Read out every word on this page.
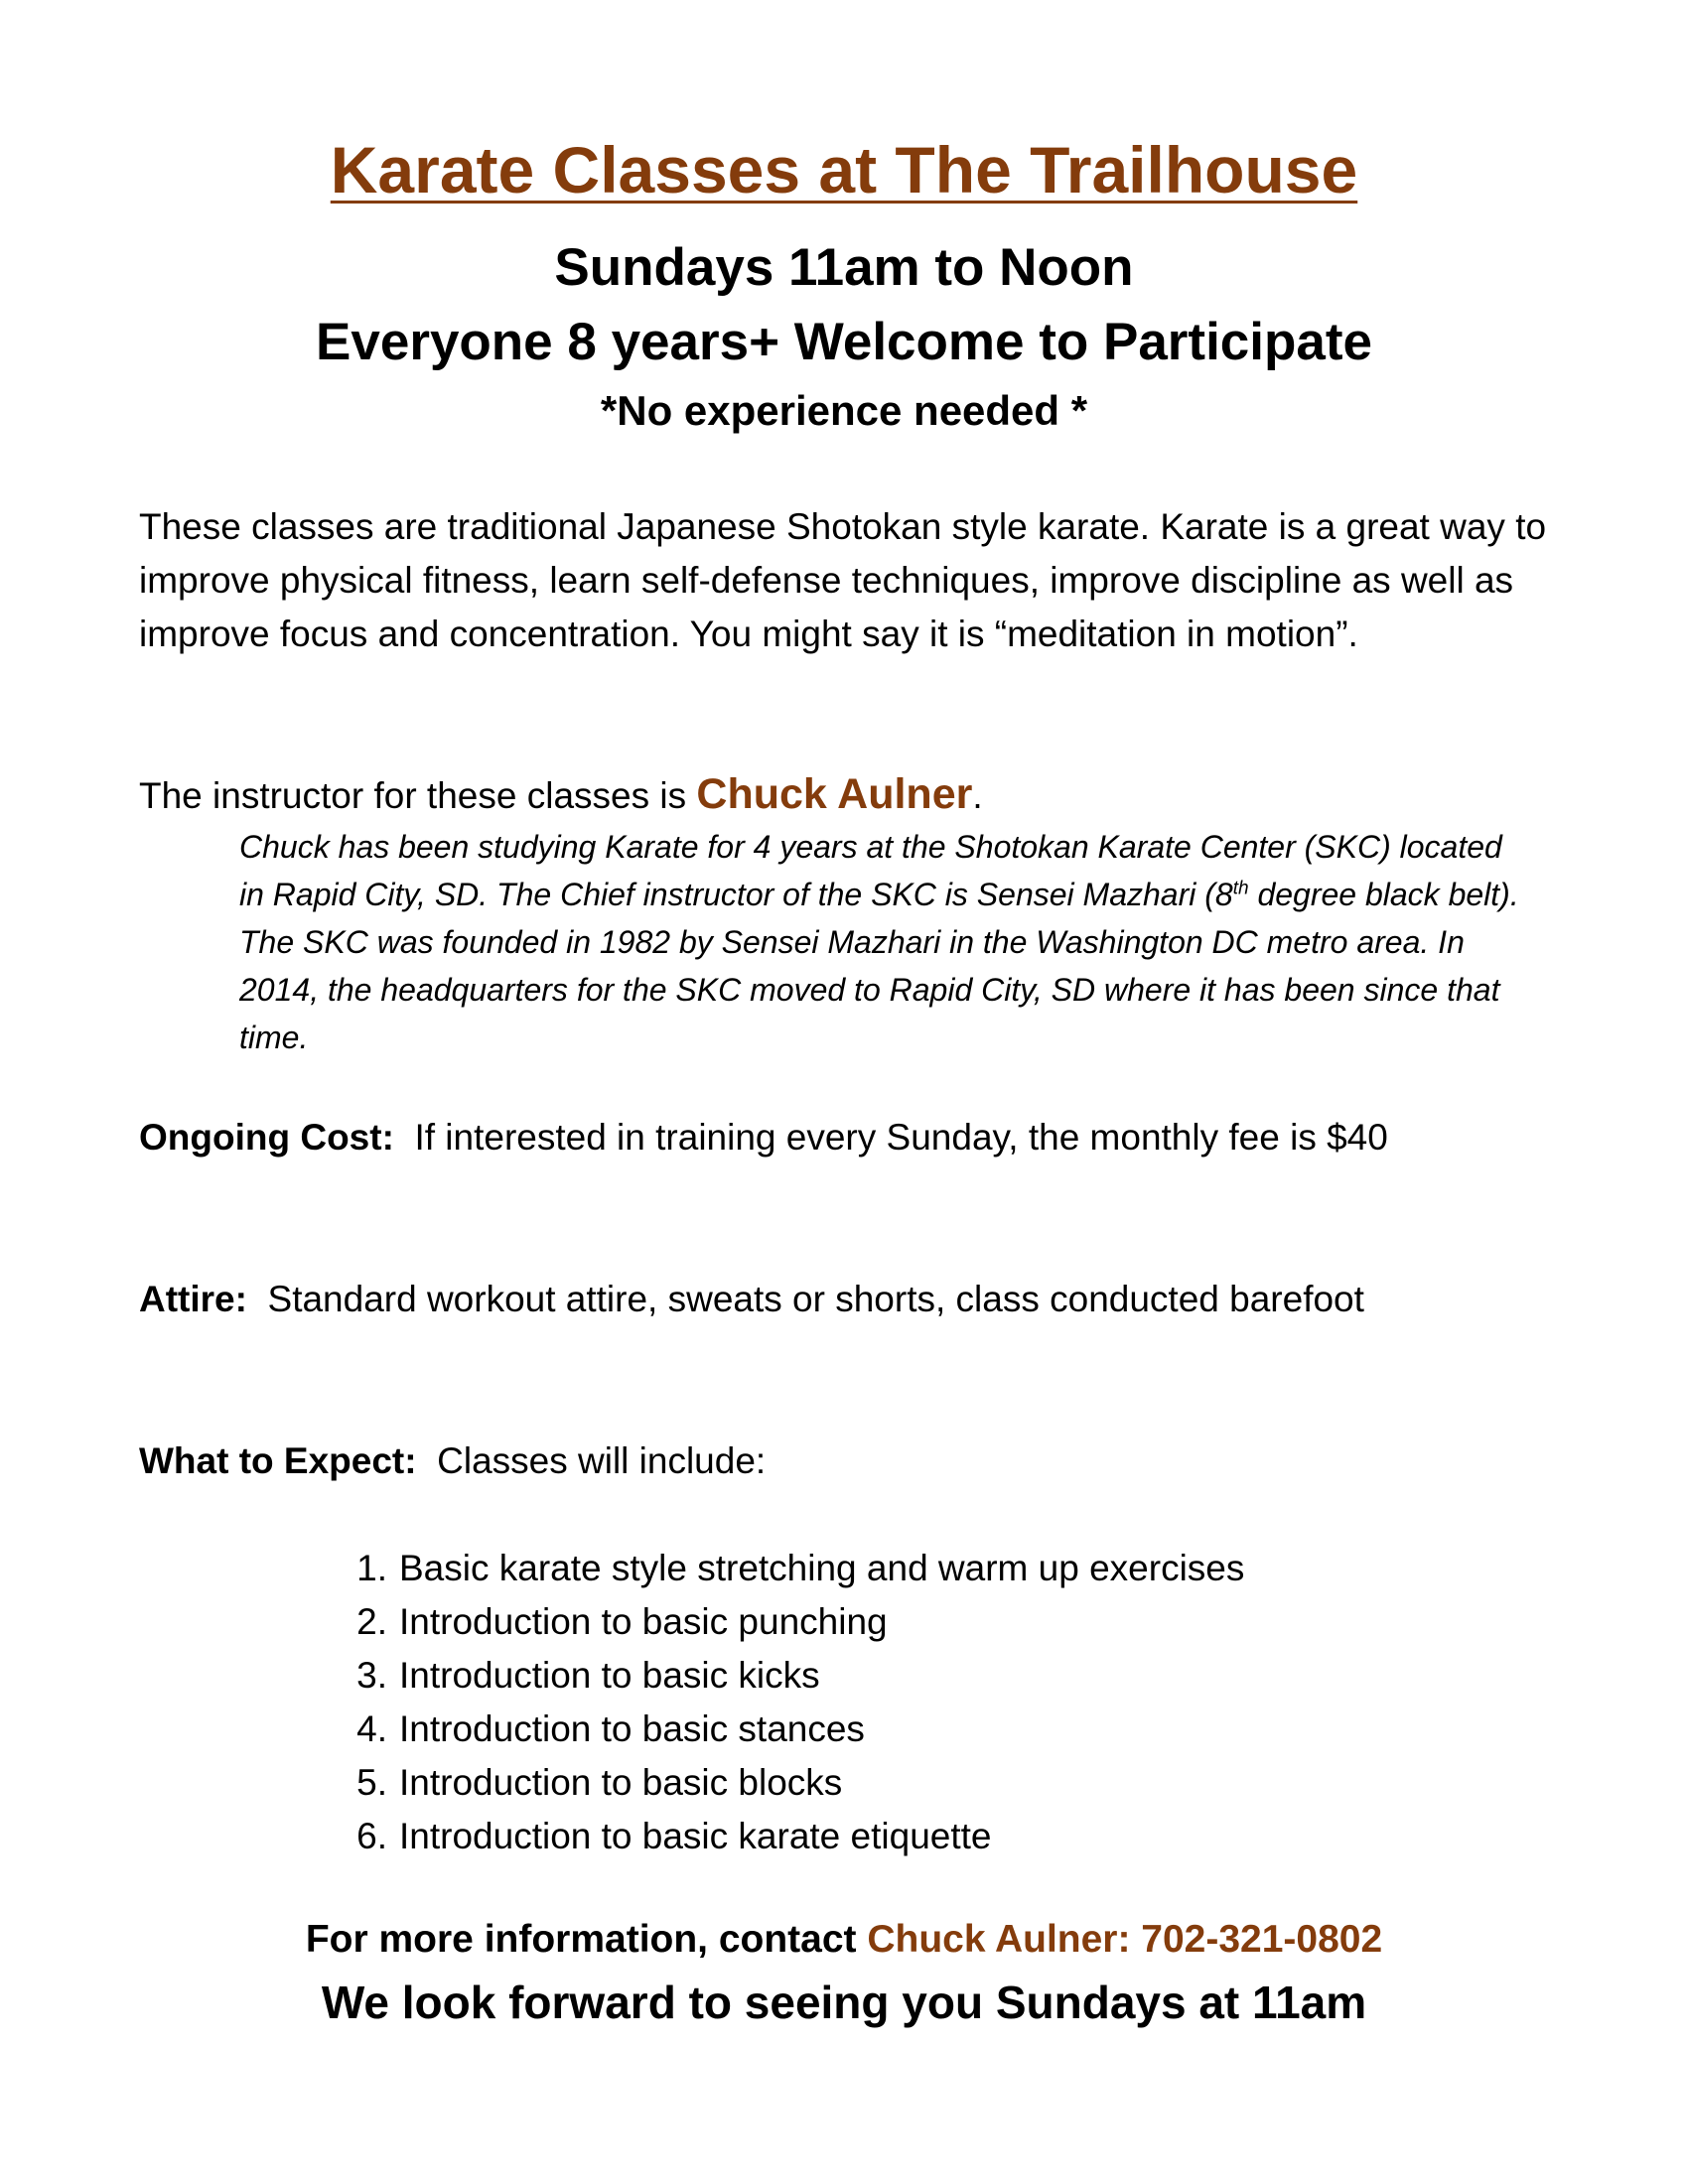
Karate Classes at The Trailhouse
Sundays 11am to Noon
Everyone 8 years+ Welcome to Participate
*No experience needed *
These classes are traditional Japanese Shotokan style karate. Karate is a great way to improve physical fitness, learn self-defense techniques, improve discipline as well as improve focus and concentration. You might say it is “meditation in motion”.
The instructor for these classes is Chuck Aulner.
Chuck has been studying Karate for 4 years at the Shotokan Karate Center (SKC) located in Rapid City, SD. The Chief instructor of the SKC is Sensei Mazhari (8th degree black belt). The SKC was founded in 1982 by Sensei Mazhari in the Washington DC metro area. In 2014, the headquarters for the SKC moved to Rapid City, SD where it has been since that time.
Ongoing Cost: If interested in training every Sunday, the monthly fee is $40
Attire: Standard workout attire, sweats or shorts, class conducted barefoot
What to Expect: Classes will include:
1. Basic karate style stretching and warm up exercises
2. Introduction to basic punching
3. Introduction to basic kicks
4. Introduction to basic stances
5. Introduction to basic blocks
6. Introduction to basic karate etiquette
For more information, contact Chuck Aulner: 702-321-0802
We look forward to seeing you Sundays at 11am
